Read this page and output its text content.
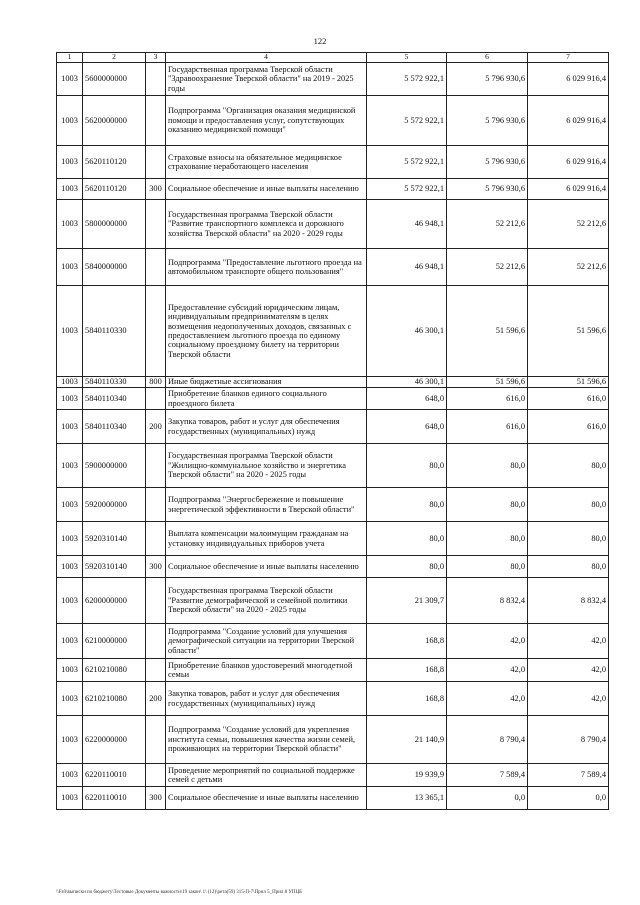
122
1	2	3	4	5	6	7
1003	5600000000		Государственная программа Тверской области "Здравоохранение Тверской области" на 2019 - 2025 годы	5 572 922,1	5 796 930,6	6 029 916,4
1003	5620000000		Подпрограмма "Организация оказания медицинской помощи и предоставления услуг, сопутствующих оказанию медицинской помощи"	5 572 922,1	5 796 930,6	6 029 916,4
1003	5620110120		Страховые взносы на обязательное медицинское страхование неработающего населения	5 572 922,1	5 796 930,6	6 029 916,4
1003	5620110120	300	Социальное обеспечение и иные выплаты населению	5 572 922,1	5 796 930,6	6 029 916,4
1003	5800000000		Государственная программа Тверской области "Развитие транспортного комплекса и дорожного хозяйства Тверской области" на 2020 - 2029 годы	46 948,1	52 212,6	52 212,6
1003	5840000000		Подпрограмма "Предоставление льготного проезда на автомобильном транспорте общего пользования"	46 948,1	52 212,6	52 212,6
1003	5840110330		Предоставление субсидий юридическим лицам, индивидуальным предпринимателям в целях возмещения недополученных доходов, связанных с предоставлением льготного проезда по единому социальному проездному билету на территории Тверской области	46 300,1	51 596,6	51 596,6
1003	5840110330	800	Иные бюджетные ассигнования	46 300,1	51 596,6	51 596,6
1003	5840110340		Приобретение бланков единого социального проездного билета	648,0	616,0	616,0
1003	5840110340	200	Закупка товаров, работ и услуг для обеспечения государственных (муниципальных) нужд	648,0	616,0	616,0
1003	5900000000		Государственная программа Тверской области "Жилищно-коммунальное хозяйство и энергетика Тверской области" на 2020 - 2025 годы	80,0	80,0	80,0
1003	5920000000		Подпрограмма "Энергосбережение и повышение энергетической эффективности в Тверской области"	80,0	80,0	80,0
1003	5920310140		Выплата компенсации малоимущим гражданам на установку индивидуальных приборов учета	80,0	80,0	80,0
1003	5920310140	300	Социальное обеспечение и иные выплаты населению	80,0	80,0	80,0
1003	6200000000		Государственная программа Тверской области "Развитие демографической и семейной политики Тверской области" на 2020 - 2025 годы	21 309,7	8 832,4	8 832,4
1003	6210000000		Подпрограмма "Создание условий для улучшения демографической ситуации на территории Тверской области"	168,8	42,0	42,0
1003	6210210080		Приобретение бланков удостоверений многодетной семьи	168,8	42,0	42,0
1003	6210210080	200	Закупка товаров, работ и услуг для обеспечения государственных (муниципальных) нужд	168,8	42,0	42,0
1003	6220000000		Подпрограмма "Создание условий для укрепления института семьи, повышения качества жизни семей, проживающих на территории Тверской области"	21 140,9	8 790,4	8 790,4
1003	6220110010		Проведение мероприятий по социальной поддержке семей с детьми	19 939,9	7 589,4	7 589,4
1003	6220110010	300	Социальное обеспечение и иные выплаты населению	13 365,1	0,0	0,0
\\Fs0\выписки по бюджету\Тестовые Документы важности\19 закон\ 1\ (12)\рета(59) 315-П-7\Прил 5_Прил 8 УПЦБ
